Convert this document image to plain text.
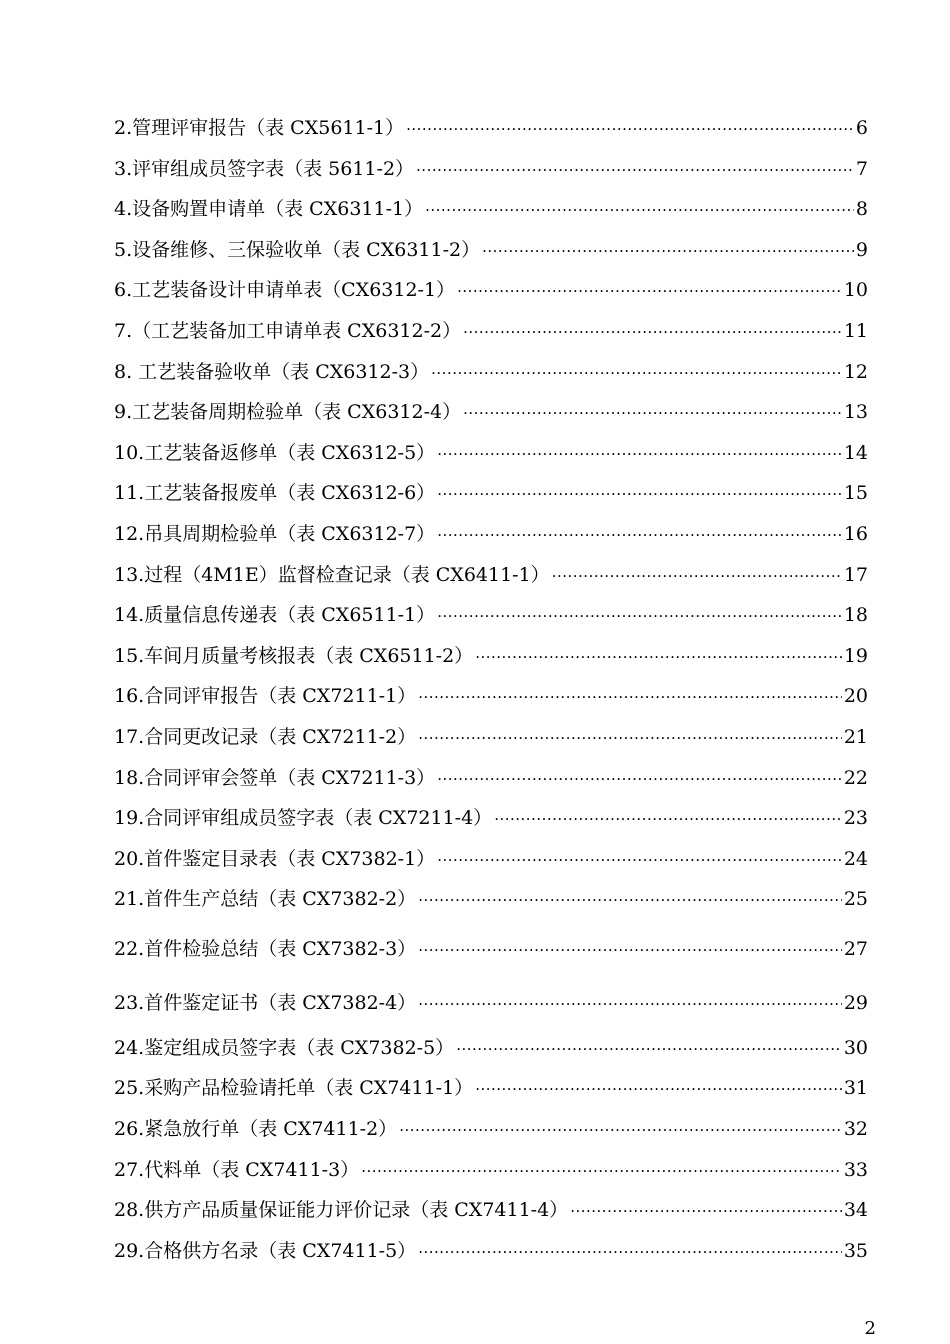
2.管理评审报告（表 CX5611-1） ·····	6
3.评审组成员签字表（表 5611-2） ·····	7
4.设备购置申请单（表 CX6311-1） ·····	8
5.设备维修、三保验收单（表 CX6311-2） ·····	9
6.工艺装备设计申请单表（CX6312-1） ·····	10
7.（工艺装备加工申请单表 CX6312-2） ·····	11
8. 工艺装备验收单（表 CX6312-3） ·····	12
9.工艺装备周期检验单（表 CX6312-4） ·····	13
10.工艺装备返修单（表 CX6312-5） ·····	14
11.工艺装备报废单（表 CX6312-6） ·····	15
12.吊具周期检验单（表 CX6312-7） ·····	16
13.过程（4M1E）监督检查记录（表 CX6411-1） ·····	17
14.质量信息传递表（表 CX6511-1） ·····	18
15.车间月质量考核报表（表 CX6511-2） ·····	19
16.合同评审报告（表 CX7211-1） ·····	20
17.合同更改记录（表 CX7211-2） ·····	21
18.合同评审会签单（表 CX7211-3） ·····	22
19.合同评审组成员签字表（表 CX7211-4） ·····	23
20.首件鉴定目录表（表 CX7382-1） ·····	24
21.首件生产总结（表 CX7382-2） ·····	25
22.首件检验总结（表 CX7382-3） ·····	27
23.首件鉴定证书（表 CX7382-4） ·····	29
24.鉴定组成员签字表（表 CX7382-5） ·····	30
25.采购产品检验请托单（表 CX7411-1） ·····	31
26.紧急放行单（表 CX7411-2） ·····	32
27.代料单（表 CX7411-3） ·····	33
28.供方产品质量保证能力评价记录（表 CX7411-4） ·····	34
29.合格供方名录（表 CX7411-5） ·····	35
2
